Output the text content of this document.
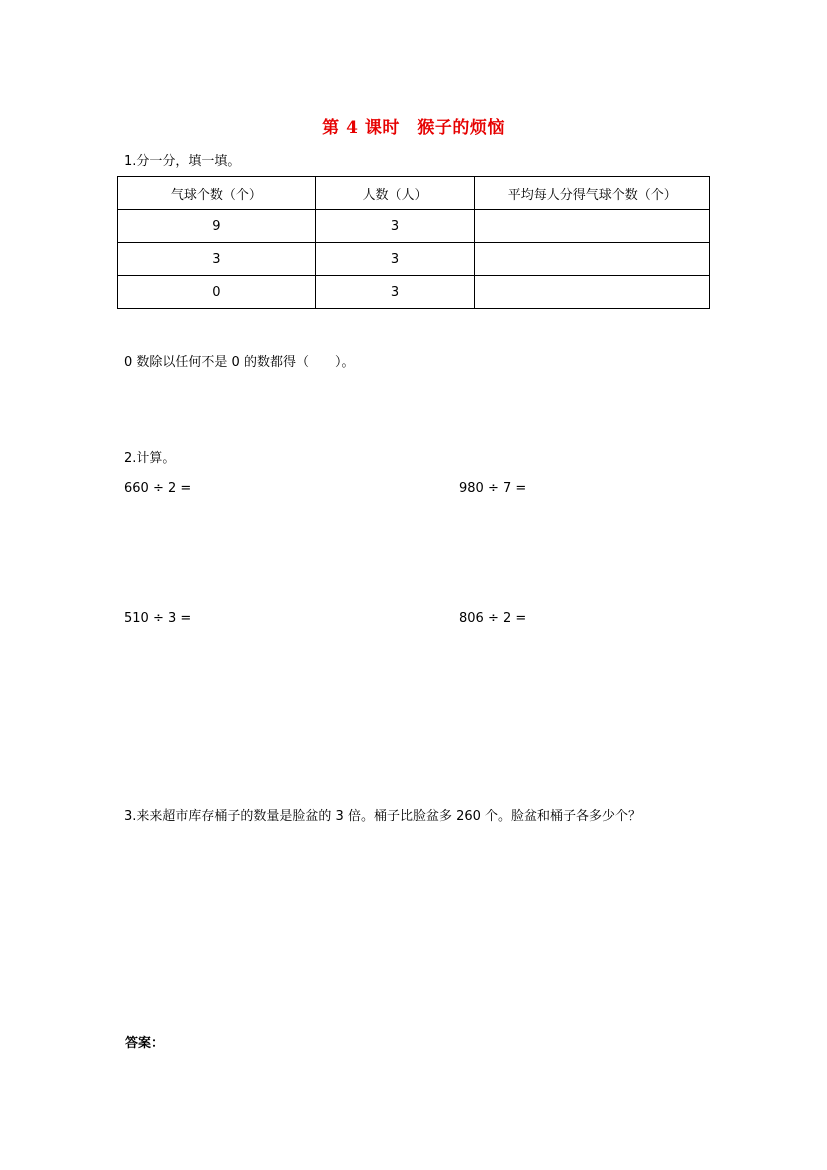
第 4 课时　猴子的烦恼
1.分一分，填一填。
气球个数（个）	人数（人）	平均每人分得气球个数（个）
9	3	
3	3	
0	3	
0 数除以任何不是 0 的数都得（　　）。
2.计算。
660 ÷ 2 =	980 ÷ 7 =
510 ÷ 3 =	806 ÷ 2 =
3.来来超市库存桶子的数量是脸盆的 3 倍。桶子比脸盆多 260 个。脸盆和桶子各多少个？
答案：
